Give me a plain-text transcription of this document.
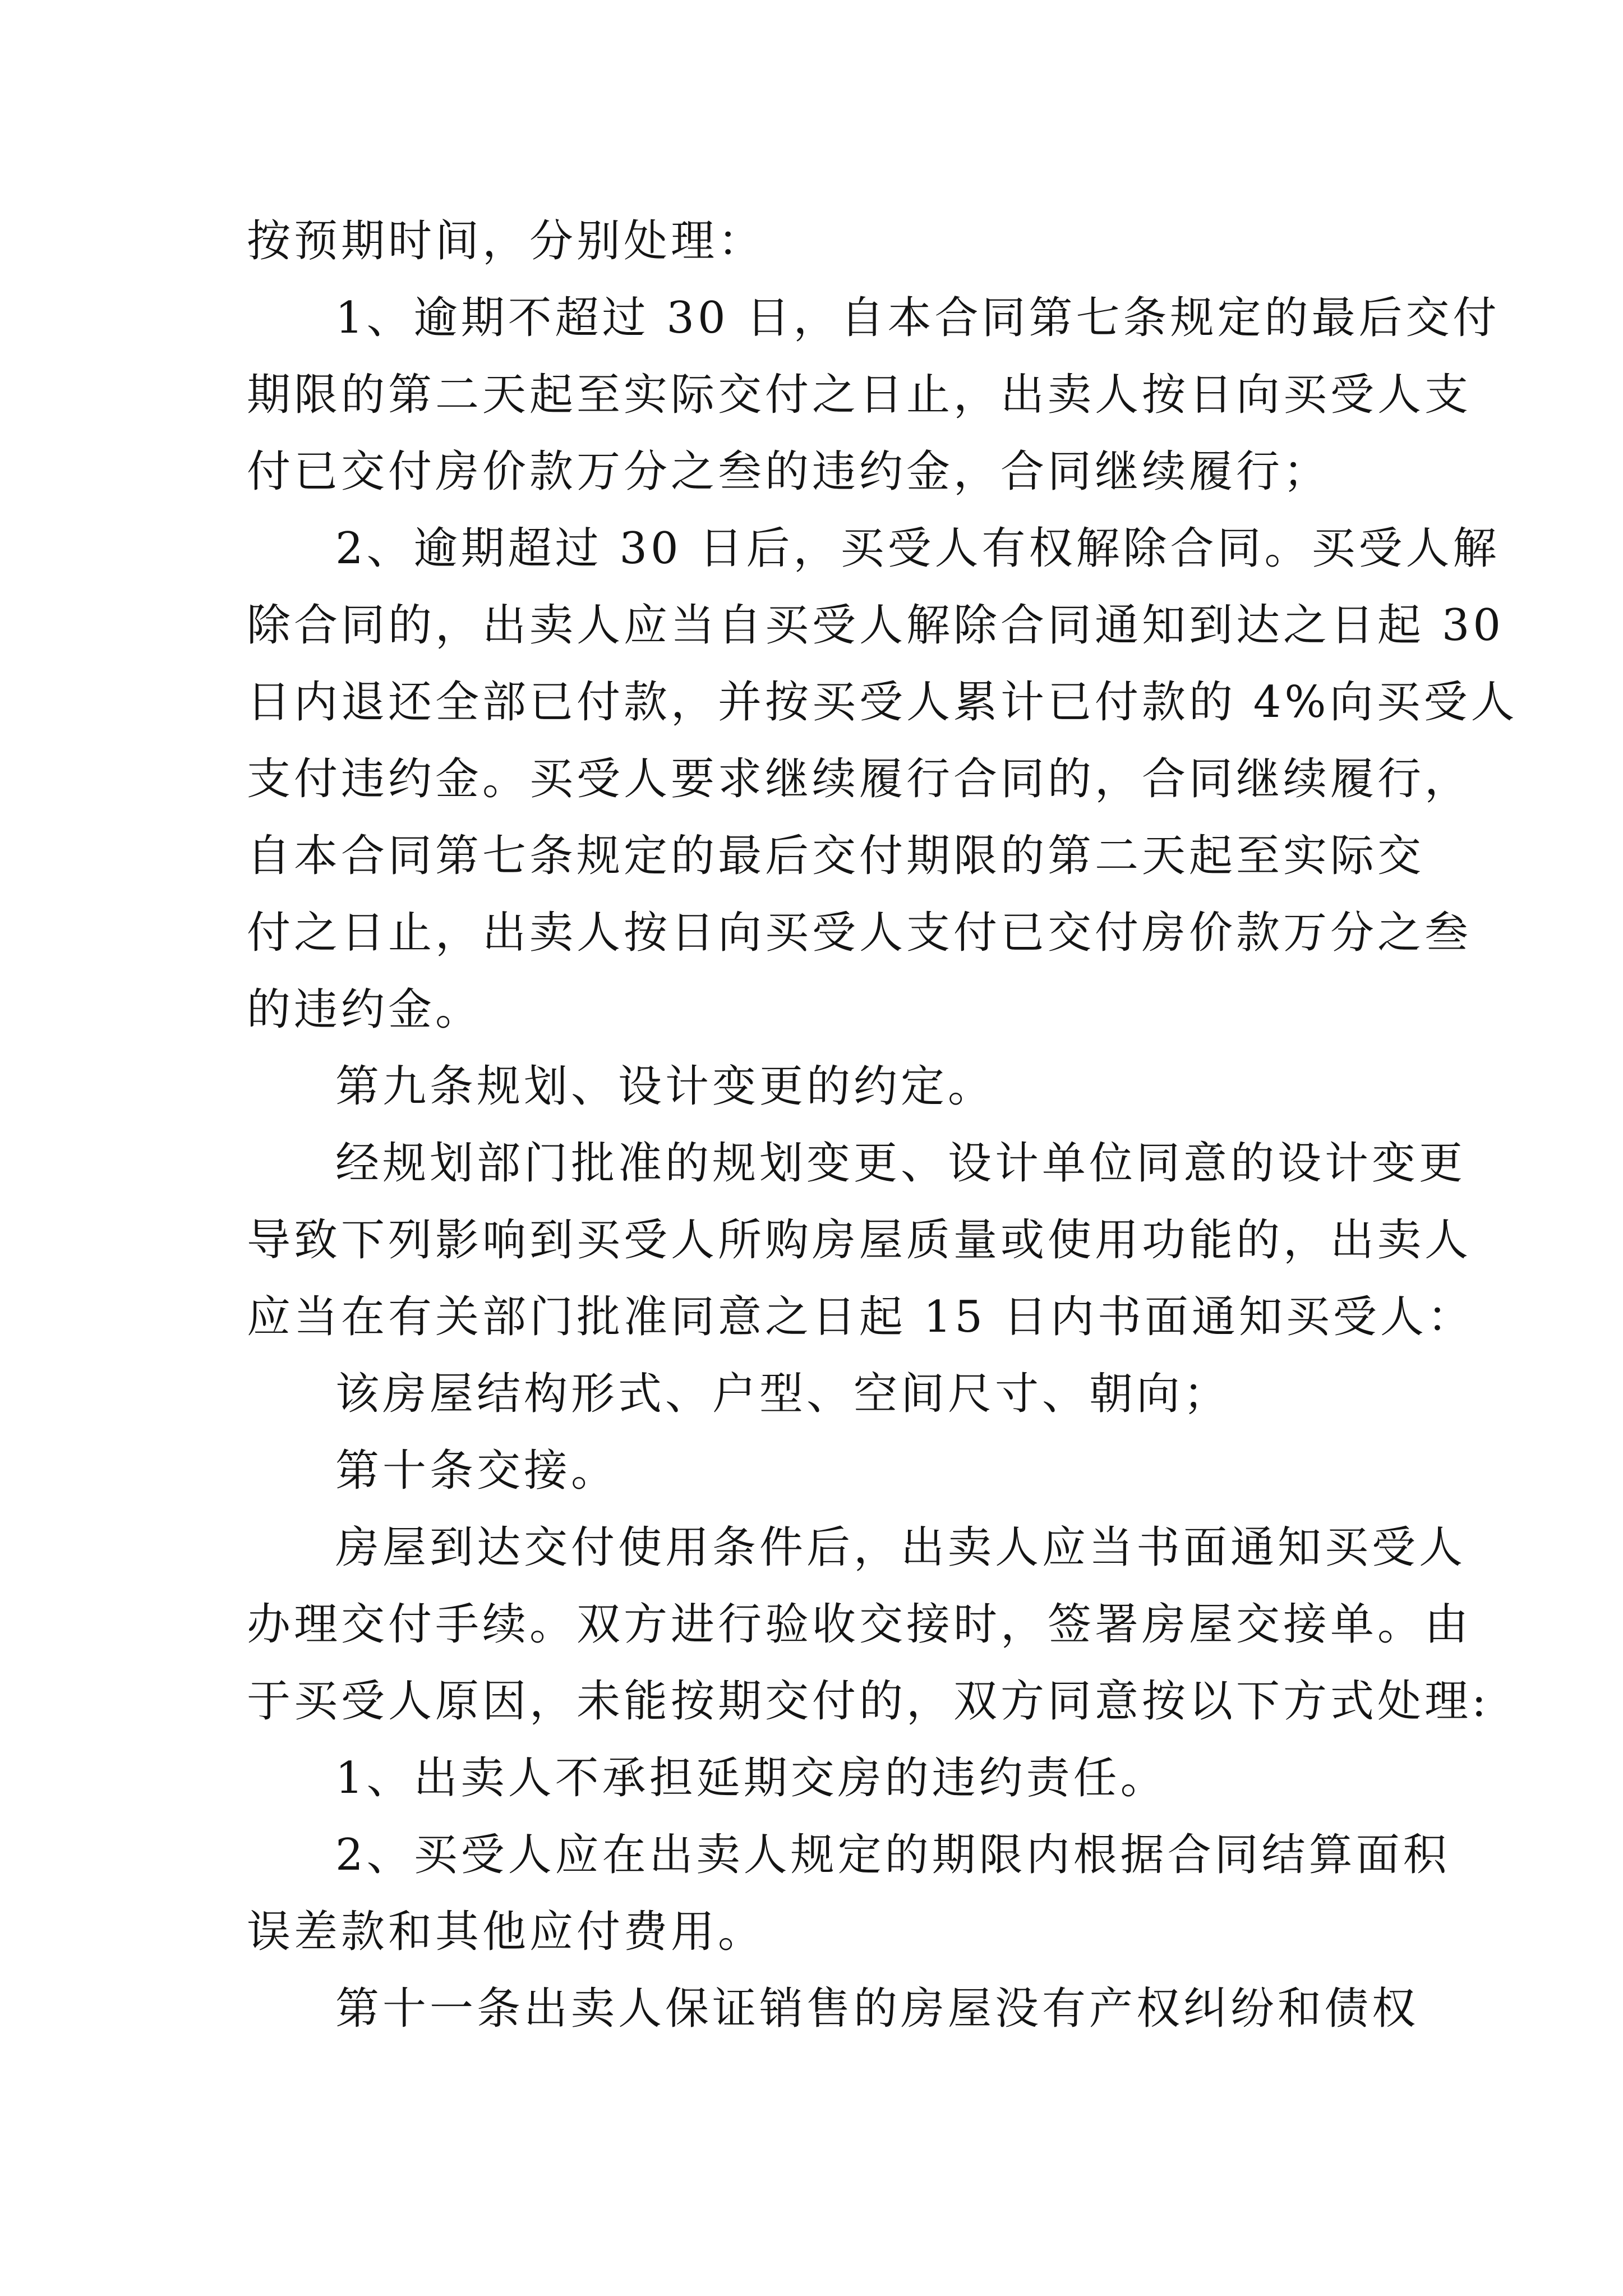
按预期时间，分别处理：
1、逾期不超过 30 日，自本合同第七条规定的最后交付
期限的第二天起至实际交付之日止，出卖人按日向买受人支
付已交付房价款万分之叁的违约金，合同继续履行；
2、逾期超过 30 日后，买受人有权解除合同。买受人解
除合同的，出卖人应当自买受人解除合同通知到达之日起 30
日内退还全部已付款，并按买受人累计已付款的 4%向买受人
支付违约金。买受人要求继续履行合同的，合同继续履行，
自本合同第七条规定的最后交付期限的第二天起至实际交
付之日止，出卖人按日向买受人支付已交付房价款万分之叁
的违约金。
第九条规划、设计变更的约定。
经规划部门批准的规划变更、设计单位同意的设计变更
导致下列影响到买受人所购房屋质量或使用功能的，出卖人
应当在有关部门批准同意之日起 15 日内书面通知买受人：
该房屋结构形式、户型、空间尺寸、朝向；
第十条交接。
房屋到达交付使用条件后，出卖人应当书面通知买受人
办理交付手续。双方进行验收交接时，签署房屋交接单。由
于买受人原因，未能按期交付的，双方同意按以下方式处理:
1、出卖人不承担延期交房的违约责任。
2、买受人应在出卖人规定的期限内根据合同结算面积
误差款和其他应付费用。
第十一条出卖人保证销售的房屋没有产权纠纷和债权
